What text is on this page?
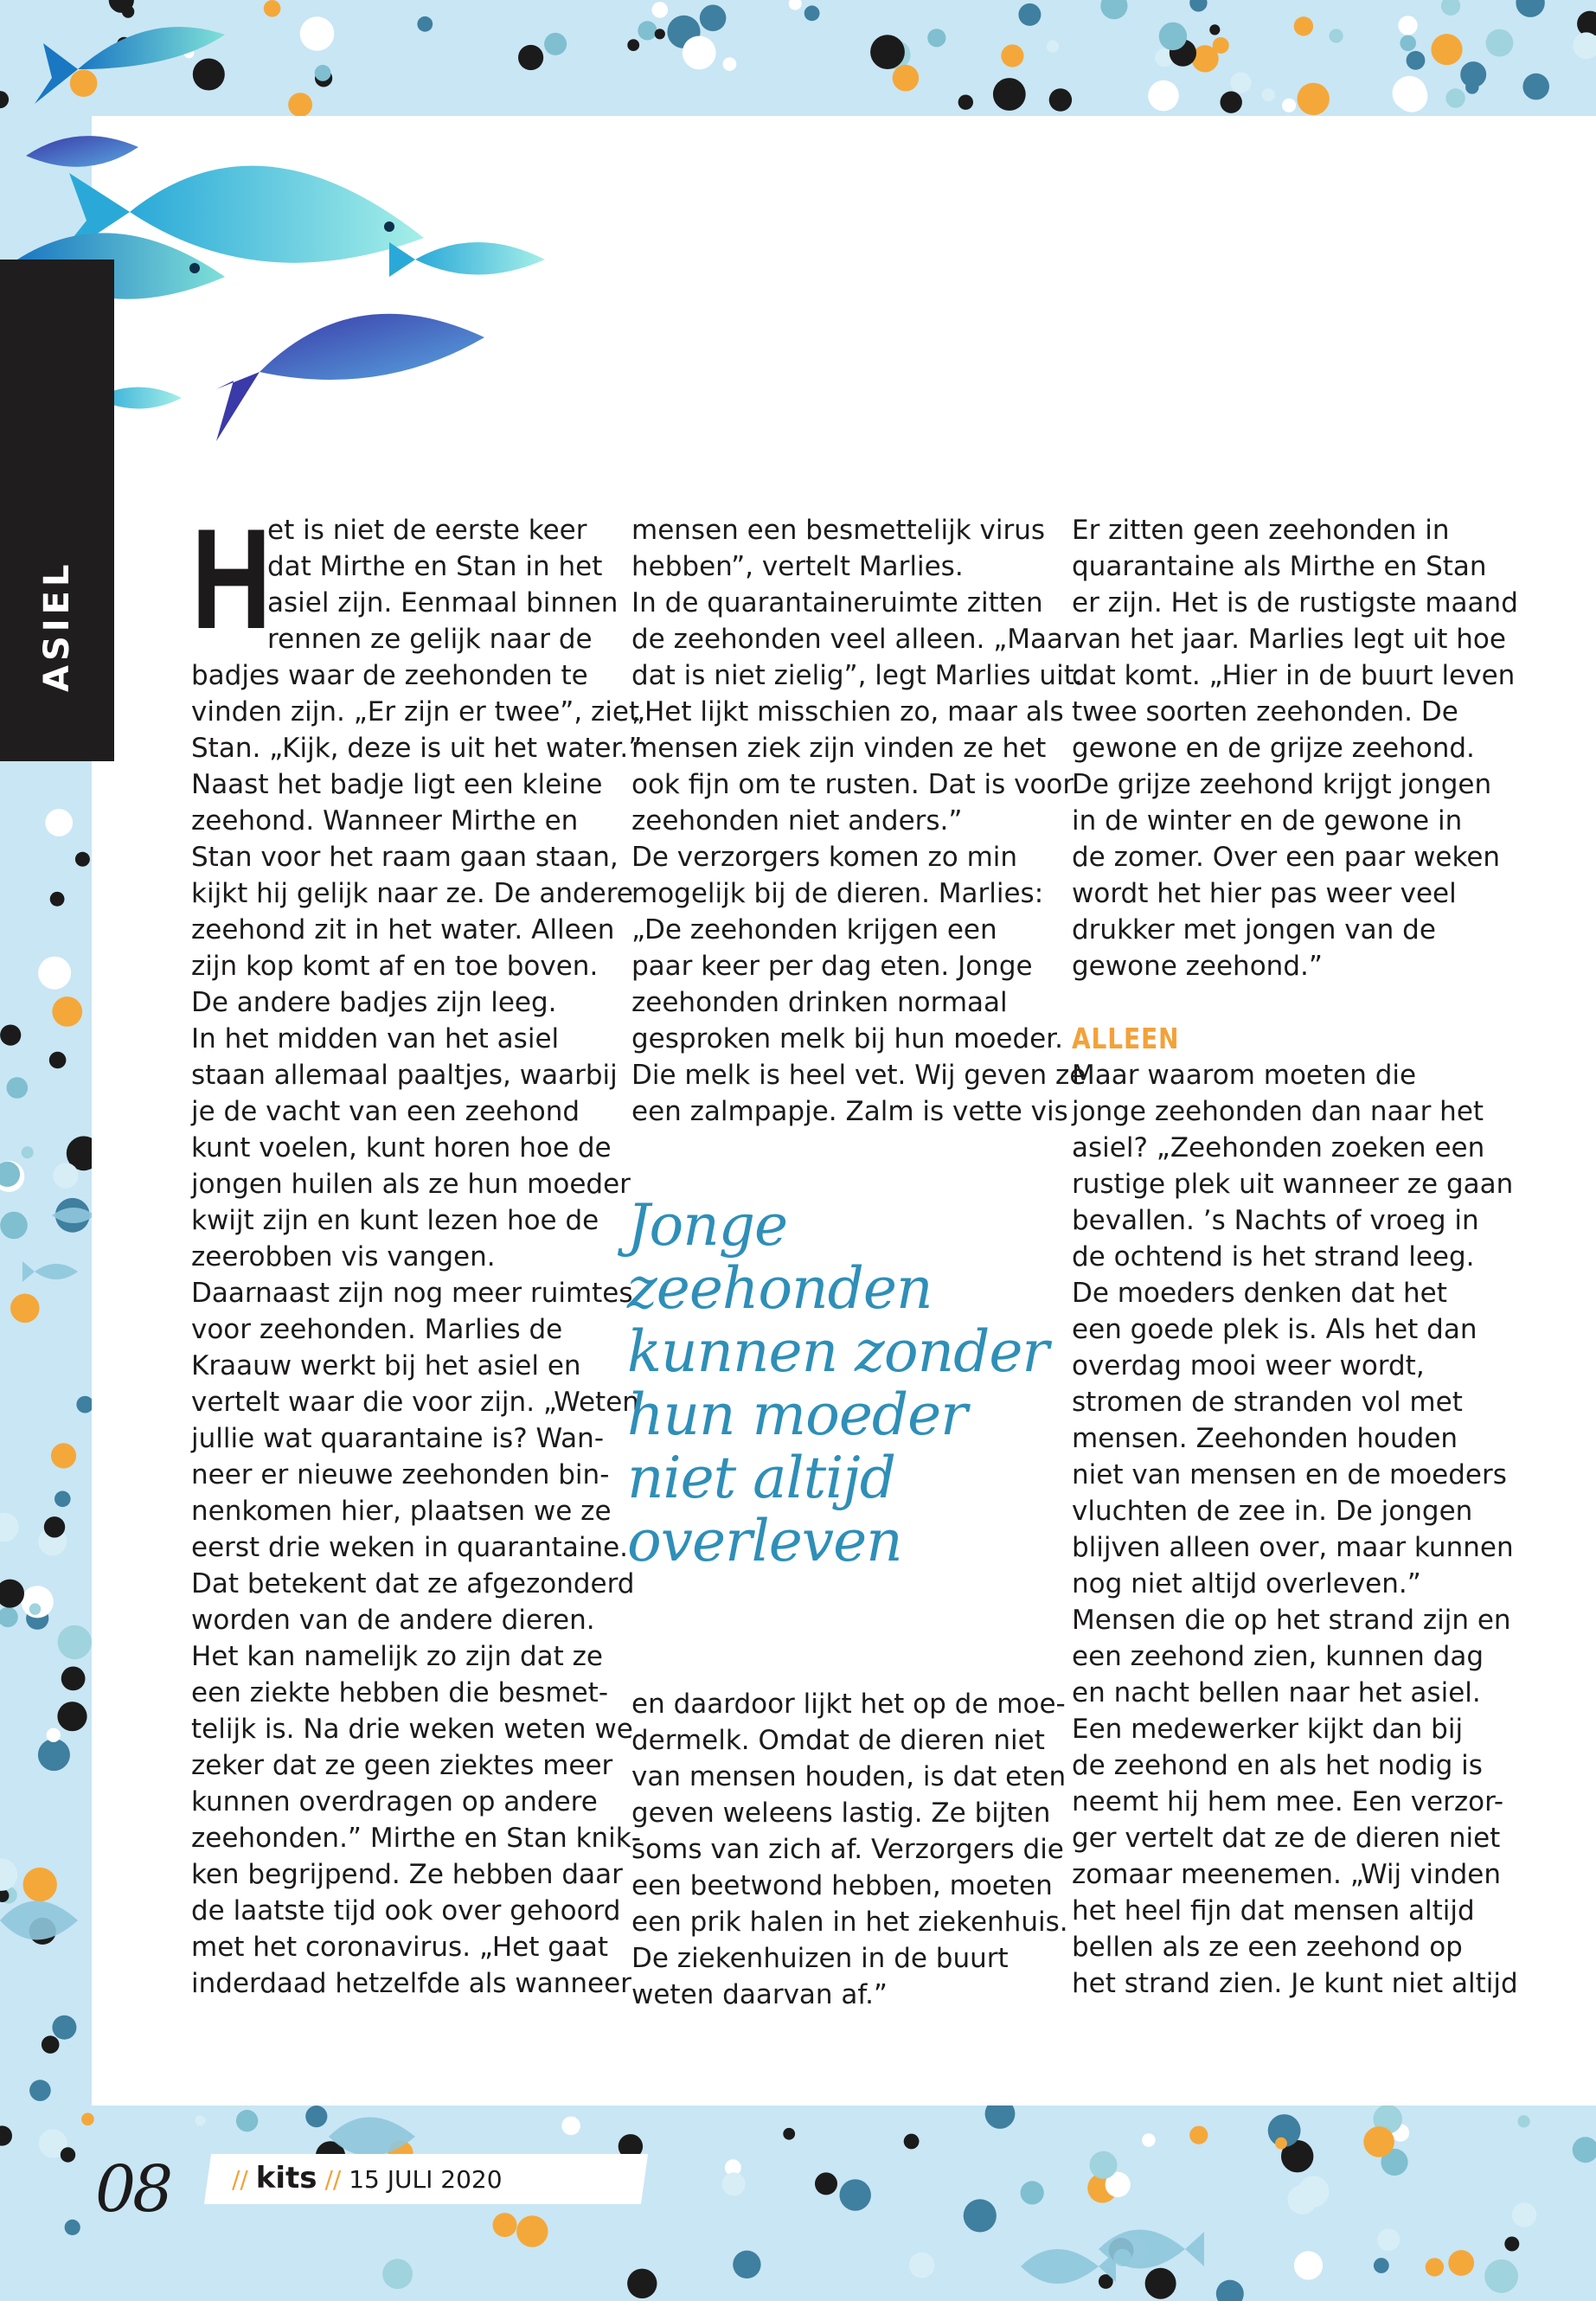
ASIEL H
et is niet de eerste keer
dat Mirthe en Stan in het
asiel zijn. Eenmaal binnen
rennen ze gelijk naar de
badjes waar de zeehonden te
vinden zijn. „Er zijn er twee”, ziet
Stan. „Kijk, deze is uit het water.”
Naast het badje ligt een kleine
zeehond. Wanneer Mirthe en
Stan voor het raam gaan staan,
kijkt hij gelijk naar ze. De andere
zeehond zit in het water. Alleen
zijn kop komt af en toe boven.
De andere badjes zijn leeg.
In het midden van het asiel
staan allemaal paaltjes, waarbij
je de vacht van een zeehond
kunt voelen, kunt horen hoe de
jongen huilen als ze hun moeder
kwijt zijn en kunt lezen hoe de
zeerobben vis vangen.
Daarnaast zijn nog meer ruimtes
voor zeehonden. Marlies de
Kraauw werkt bij het asiel en
vertelt waar die voor zijn. „Weten
jullie wat quarantaine is? Wan-
neer er nieuwe zeehonden bin-
nenkomen hier, plaatsen we ze
eerst drie weken in quarantaine.
Dat betekent dat ze afgezonderd
worden van de andere dieren.
Het kan namelijk zo zijn dat ze
een ziekte hebben die besmet-
telijk is. Na drie weken weten we
zeker dat ze geen ziektes meer
kunnen overdragen op andere
zeehonden.” Mirthe en Stan knik-
ken begrijpend. Ze hebben daar
de laatste tijd ook over gehoord
met het coronavirus. „Het gaat
inderdaad hetzelfde als wanneer
mensen een besmettelijk virus
hebben”, vertelt Marlies.
In de quarantaineruimte zitten
de zeehonden veel alleen. „Maar
dat is niet zielig”, legt Marlies uit.
„Het lijkt misschien zo, maar als
mensen ziek zijn vinden ze het
ook fijn om te rusten. Dat is voor
zeehonden niet anders.”
De verzorgers komen zo min
mogelijk bij de dieren. Marlies:
„De zeehonden krijgen een
paar keer per dag eten. Jonge
zeehonden drinken normaal
gesproken melk bij hun moeder.
Die melk is heel vet. Wij geven ze
een zalmpapje. Zalm is vette vis
en daardoor lijkt het op de moe-
dermelk. Omdat de dieren niet
van mensen houden, is dat eten
geven weleens lastig. Ze bijten
soms van zich af. Verzorgers die
een beetwond hebben, moeten
een prik halen in het ziekenhuis.
De ziekenhuizen in de buurt
weten daarvan af.”
Jonge
zeehonden
kunnen zonder
hun moeder
niet altijd
overleven
Er zitten geen zeehonden in
quarantaine als Mirthe en Stan
er zijn. Het is de rustigste maand
van het jaar. Marlies legt uit hoe
dat komt. „Hier in de buurt leven
twee soorten zeehonden. De
gewone en de grijze zeehond.
De grijze zeehond krijgt jongen
in de winter en de gewone in
de zomer. Over een paar weken
wordt het hier pas weer veel
drukker met jongen van de
gewone zeehond.”
ALLEEN
Maar waarom moeten die
jonge zeehonden dan naar het
asiel? „Zeehonden zoeken een
rustige plek uit wanneer ze gaan
bevallen. ’s Nachts of vroeg in
de ochtend is het strand leeg.
De moeders denken dat het
een goede plek is. Als het dan
overdag mooi weer wordt,
stromen de stranden vol met
mensen. Zeehonden houden
niet van mensen en de moeders
vluchten de zee in. De jongen
blijven alleen over, maar kunnen
nog niet altijd overleven.”
Mensen die op het strand zijn en
een zeehond zien, kunnen dag
en nacht bellen naar het asiel.
Een medewerker kijkt dan bij
de zeehond en als het nodig is
neemt hij hem mee. Een verzor-
ger vertelt dat ze de dieren niet
zomaar meenemen. „Wij vinden
het heel fijn dat mensen altijd
bellen als ze een zeehond op
het strand zien. Je kunt niet altijd
08	// kits // 15 JULI 2020
